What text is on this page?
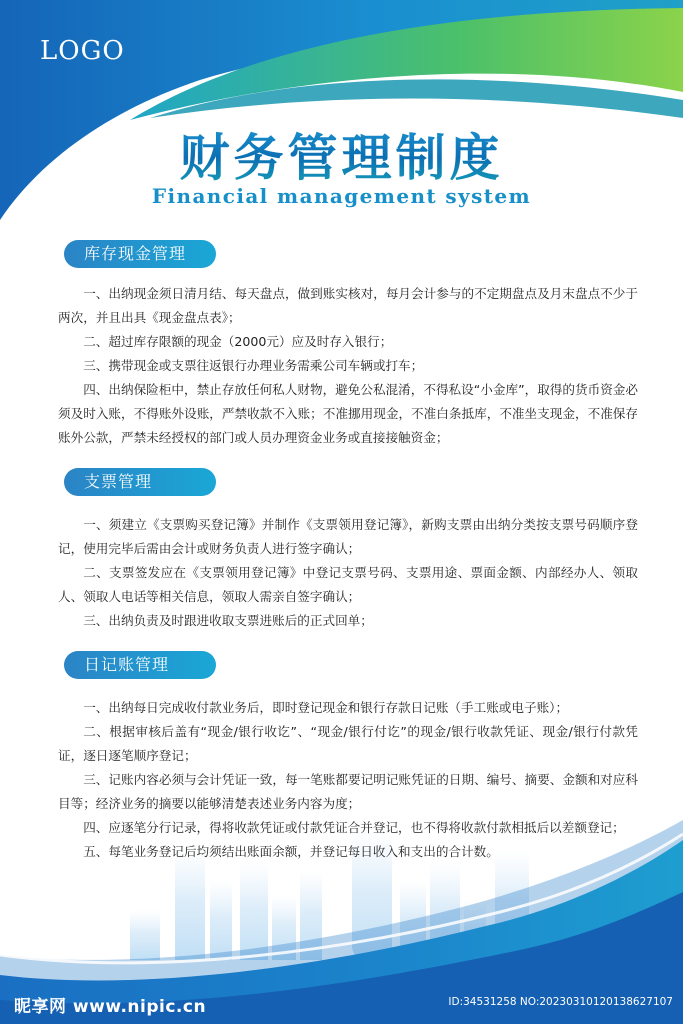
LOGO
财务管理制度
Financial management system
库存现金管理

一、出纳现金须日清月结、每天盘点，做到账实核对，每月会计参与的不定期盘点及月末盘点不少于两次，并且出具《现金盘点表》；

二、超过库存限额的现金（2000元）应及时存入银行；

三、携带现金或支票往返银行办理业务需乘公司车辆或打车；

四、出纳保险柜中，禁止存放任何私人财物，避免公私混淆，不得私设“小金库”，取得的货币资金必须及时入账，不得账外设账，严禁收款不入账；不准挪用现金，不准白条抵库，不准坐支现金，不准保存账外公款，严禁未经授权的部门或人员办理资金业务或直接接触资金；

支票管理

一、须建立《支票购买登记簿》并制作《支票领用登记簿》，新购支票由出纳分类按支票号码顺序登记，使用完毕后需由会计或财务负责人进行签字确认；

二、支票签发应在《支票领用登记簿》中登记支票号码、支票用途、票面金额、内部经办人、领取人、领取人电话等相关信息，领取人需亲自签字确认；

三、出纳负责及时跟进收取支票进账后的正式回单；

日记账管理

一、出纳每日完成收付款业务后，即时登记现金和银行存款日记账（手工账或电子账）；

二、根据审核后盖有“现金/银行收讫”、“现金/银行付讫”的现金/银行收款凭证、现金/银行付款凭证，逐日逐笔顺序登记；

三、记账内容必须与会计凭证一致，每一笔账都要记明记账凭证的日期、编号、摘要、金额和对应科目等；经济业务的摘要以能够清楚表述业务内容为度；

四、应逐笔分行记录，得将收款凭证或付款凭证合并登记，也不得将收款付款相抵后以差额登记；

五、每笔业务登记后均须结出账面余额，并登记每日收入和支出的合计数。

昵享网 www.nipic.cn	ID:34531258 NO:20230310120138627107
